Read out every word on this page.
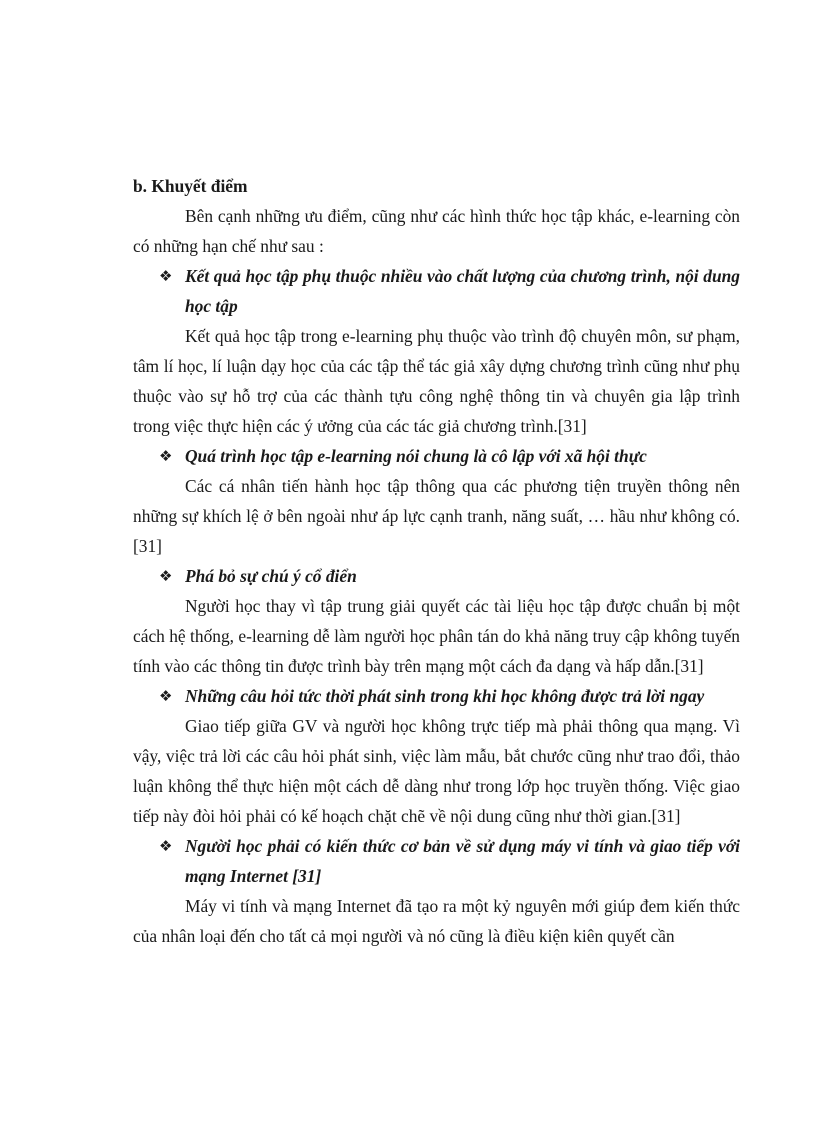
b. Khuyết điểm

Bên cạnh những ưu điểm, cũng như các hình thức học tập khác, e-learning còn có những hạn chế như sau :

❖ Kết quả học tập phụ thuộc nhiều vào chất lượng của chương trình, nội dung học tập

Kết quả học tập trong e-learning phụ thuộc vào trình độ chuyên môn, sư phạm, tâm lí học, lí luận dạy học của các tập thể tác giả xây dựng chương trình cũng như phụ thuộc vào sự hỗ trợ của các thành tựu công nghệ thông tin và chuyên gia lập trình trong việc thực hiện các ý ưởng của các tác giả chương trình.[31]

❖ Quá trình học tập e-learning nói chung là cô lập với xã hội thực

Các cá nhân tiến hành học tập thông qua các phương tiện truyền thông nên những sự khích lệ ở bên ngoài như áp lực cạnh tranh, năng suất, … hầu như không có.[31]

❖ Phá bỏ sự chú ý cổ điển

Người học thay vì tập trung giải quyết các tài liệu học tập được chuẩn bị một cách hệ thống, e-learning dễ làm người học phân tán do khả năng truy cập không tuyến tính vào các thông tin được trình bày trên mạng một cách đa dạng và hấp dẫn.[31]

❖ Những câu hỏi tức thời phát sinh trong khi học không được trả lời ngay

Giao tiếp giữa GV và người học không trực tiếp mà phải thông qua mạng. Vì vậy, việc trả lời các câu hỏi phát sinh, việc làm mẫu, bắt chước cũng như trao đổi, thảo luận không thể thực hiện một cách dễ dàng như trong lớp học truyền thống. Việc giao tiếp này đòi hỏi phải có kế hoạch chặt chẽ về nội dung cũng như thời gian.[31]

❖ Người học phải có kiến thức cơ bản về sử dụng máy vi tính và giao tiếp với mạng Internet [31]

Máy vi tính và mạng Internet đã tạo ra một kỷ nguyên mới giúp đem kiến thức của nhân loại đến cho tất cả mọi người và nó cũng là điều kiện kiên quyết cần
